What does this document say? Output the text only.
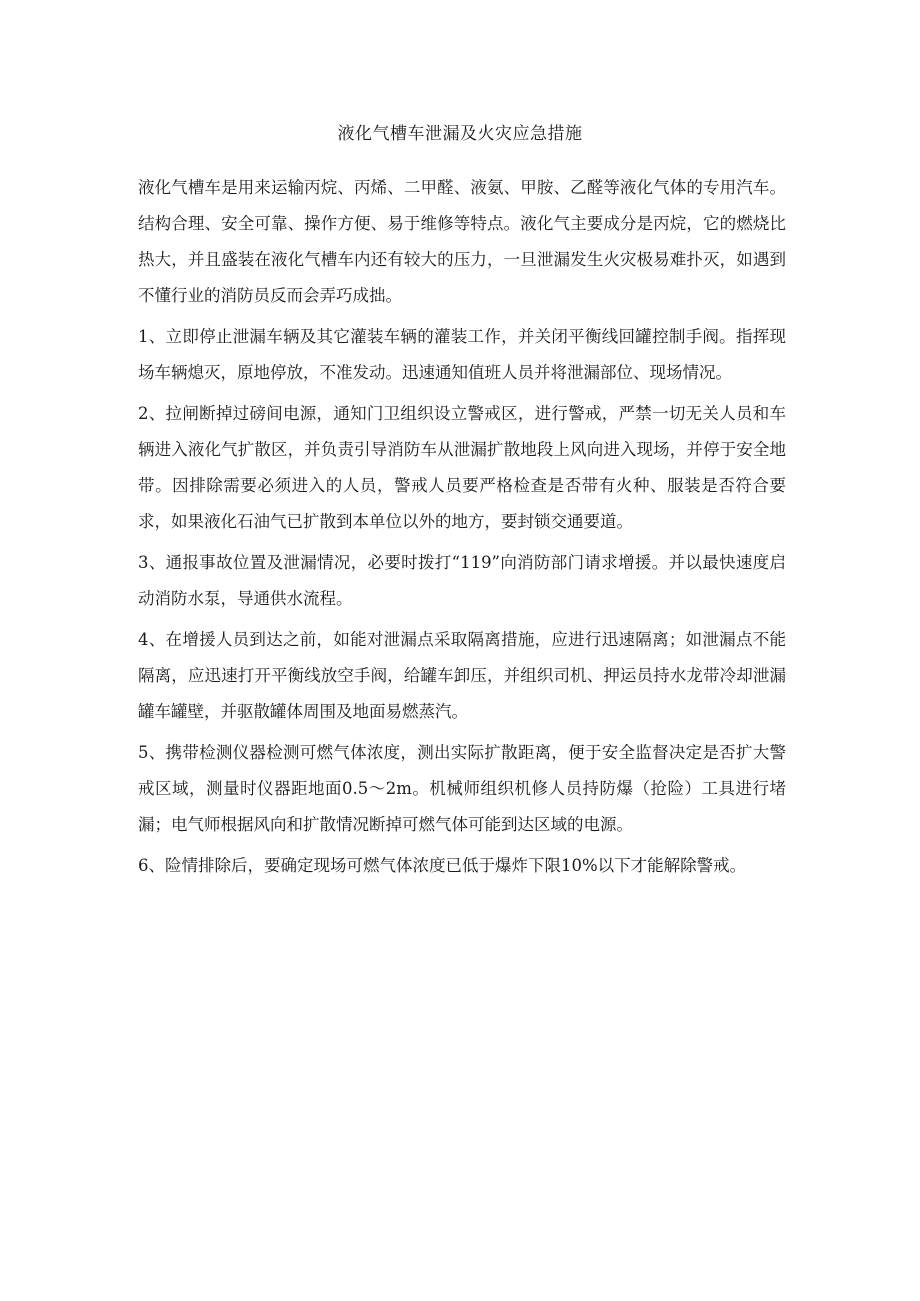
液化气槽车泄漏及火灾应急措施

液化气槽车是用来运输丙烷、丙烯、二甲醛、液氨、甲胺、乙醛等液化气体的专用汽车。结构合理、安全可靠、操作方便、易于维修等特点。液化气主要成分是丙烷，它的燃烧比热大，并且盛装在液化气槽车内还有较大的压力，一旦泄漏发生火灾极易难扑灭，如遇到不懂行业的消防员反而会弄巧成拙。

1、立即停止泄漏车辆及其它灌装车辆的灌装工作，并关闭平衡线回罐控制手阀。指挥现场车辆熄灭，原地停放，不准发动。迅速通知值班人员并将泄漏部位、现场情况。

2、拉闸断掉过磅间电源，通知门卫组织设立警戒区，进行警戒，严禁一切无关人员和车辆进入液化气扩散区，并负责引导消防车从泄漏扩散地段上风向进入现场，并停于安全地带。因排除需要必须进入的人员，警戒人员要严格检查是否带有火种、服装是否符合要求，如果液化石油气已扩散到本单位以外的地方，要封锁交通要道。

3、通报事故位置及泄漏情况，必要时拨打“119”向消防部门请求增援。并以最快速度启动消防水泵，导通供水流程。

4、在增援人员到达之前，如能对泄漏点采取隔离措施，应进行迅速隔离；如泄漏点不能隔离，应迅速打开平衡线放空手阀，给罐车卸压，并组织司机、押运员持水龙带冷却泄漏罐车罐壁，并驱散罐体周围及地面易燃蒸汽。

5、携带检测仪器检测可燃气体浓度，测出实际扩散距离，便于安全监督决定是否扩大警戒区域，测量时仪器距地面0.5～2m。机械师组织机修人员持防爆（抢险）工具进行堵漏；电气师根据风向和扩散情况断掉可燃气体可能到达区域的电源。

6、险情排除后，要确定现场可燃气体浓度已低于爆炸下限10%以下才能解除警戒。
